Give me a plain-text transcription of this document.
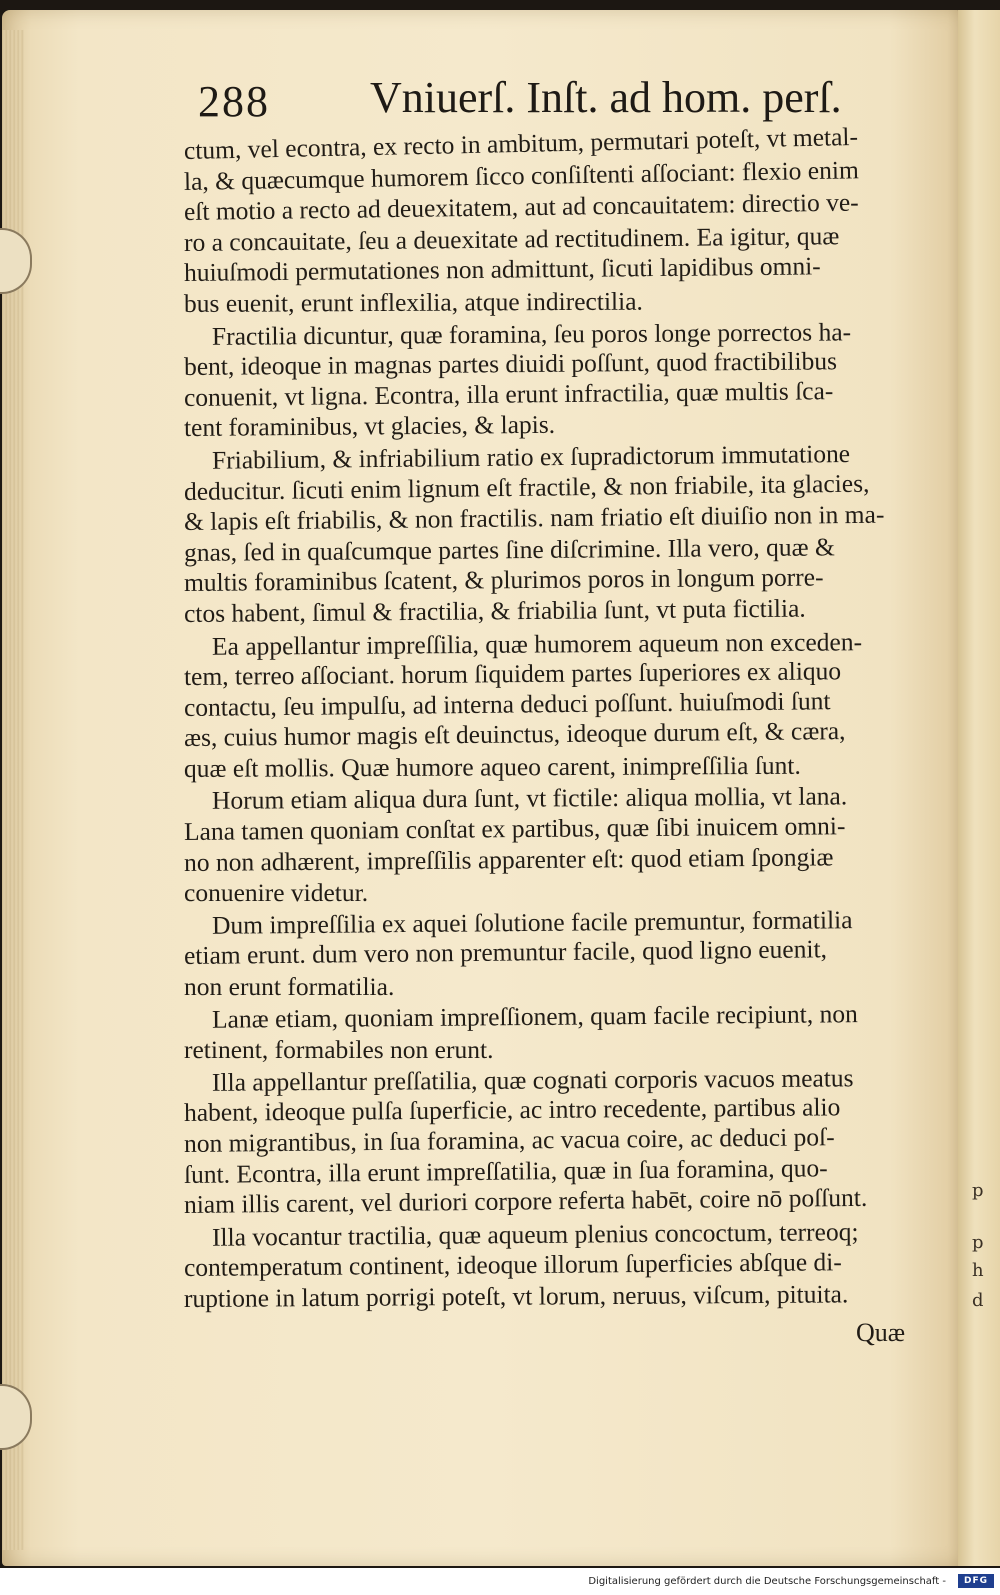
p
p
h
d
288 Vniuerſ. Inſt. ad hom. perſ.
ctum, vel econtra, ex recto in ambitum, permutari poteſt, vt metal-
la, & quæcumque humorem ſicco conſiſtenti aſſociant: flexio enim
eſt motio a recto ad deuexitatem, aut ad concauitatem: directio ve-
ro a concauitate, ſeu a deuexitate ad rectitudinem. Ea igitur, quæ
huiuſmodi permutationes non admittunt, ſicuti lapidibus omni-
bus euenit, erunt inflexilia, atque indirectilia.
Fractilia dicuntur, quæ foramina, ſeu poros longe porrectos ha-
bent, ideoque in magnas partes diuidi poſſunt, quod fractibilibus
conuenit, vt ligna. Econtra, illa erunt infractilia, quæ multis ſca-
tent foraminibus, vt glacies, & lapis.
Friabilium, & infriabilium ratio ex ſupradictorum immutatione
deducitur. ſicuti enim lignum eſt fractile, & non friabile, ita glacies,
& lapis eſt friabilis, & non fractilis. nam friatio eſt diuiſio non in ma-
gnas, ſed in quaſcumque partes ſine diſcrimine. Illa vero, quæ &
multis foraminibus ſcatent, & plurimos poros in longum porre-
ctos habent, ſimul & fractilia, & friabilia ſunt, vt puta fictilia.
Ea appellantur impreſſilia, quæ humorem aqueum non exceden-
tem, terreo aſſociant. horum ſiquidem partes ſuperiores ex aliquo
contactu, ſeu impulſu, ad interna deduci poſſunt. huiuſmodi ſunt
æs, cuius humor magis eſt deuinctus, ideoque durum eſt, & cæra,
quæ eſt mollis. Quæ humore aqueo carent, inimpreſſilia ſunt.
Horum etiam aliqua dura ſunt, vt fictile: aliqua mollia, vt lana.
Lana tamen quoniam conſtat ex partibus, quæ ſibi inuicem omni-
no non adhærent, impreſſilis apparenter eſt: quod etiam ſpongiæ
conuenire videtur.
Dum impreſſilia ex aquei ſolutione facile premuntur, formatilia
etiam erunt. dum vero non premuntur facile, quod ligno euenit,
non erunt formatilia.
Lanæ etiam, quoniam impreſſionem, quam facile recipiunt, non
retinent, formabiles non erunt.
Illa appellantur preſſatilia, quæ cognati corporis vacuos meatus
habent, ideoque pulſa ſuperficie, ac intro recedente, partibus alio
non migrantibus, in ſua foramina, ac vacua coire, ac deduci poſ-
ſunt. Econtra, illa erunt impreſſatilia, quæ in ſua foramina, quo-
niam illis carent, vel duriori corpore referta habēt, coire nō poſſunt.
Illa vocantur tractilia, quæ aqueum plenius concoctum, terreoq;
contemperatum continent, ideoque illorum ſuperficies abſque di-
ruptione in latum porrigi poteſt, vt lorum, neruus, viſcum, pituita.
Quæ
Digitalisierung gefördert durch die Deutsche Forschungsgemeinschaft -	DFG
